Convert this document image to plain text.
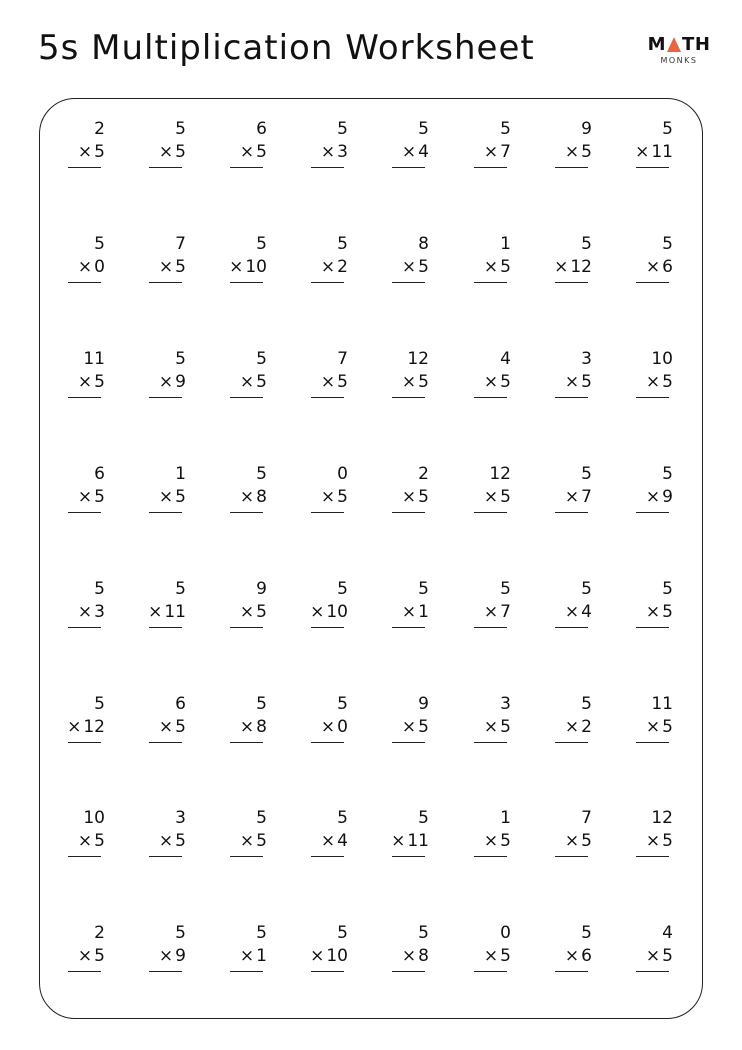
5s Multiplication Worksheet	M TH
MONKS
2
× 5
5
× 5
6
× 5
5
× 3
5
× 4
5
× 7
9
× 5
5
× 11
5
× 0
7
× 5
5
× 10
5
× 2
8
× 5
1
× 5
5
× 12
5
× 6
11
× 5
5
× 9
5
× 5
7
× 5
12
× 5
4
× 5
3
× 5
10
× 5
6
× 5
1
× 5
5
× 8
0
× 5
2
× 5
12
× 5
5
× 7
5
× 9
5
× 3
5
× 11
9
× 5
5
× 10
5
× 1
5
× 7
5
× 4
5
× 5
5
× 12
6
× 5
5
× 8
5
× 0
9
× 5
3
× 5
5
× 2
11
× 5
10
× 5
3
× 5
5
× 5
5
× 4
5
× 11
1
× 5
7
× 5
12
× 5
2
× 5
5
× 9
5
× 1
5
× 10
5
× 8
0
× 5
5
× 6
4
× 5
